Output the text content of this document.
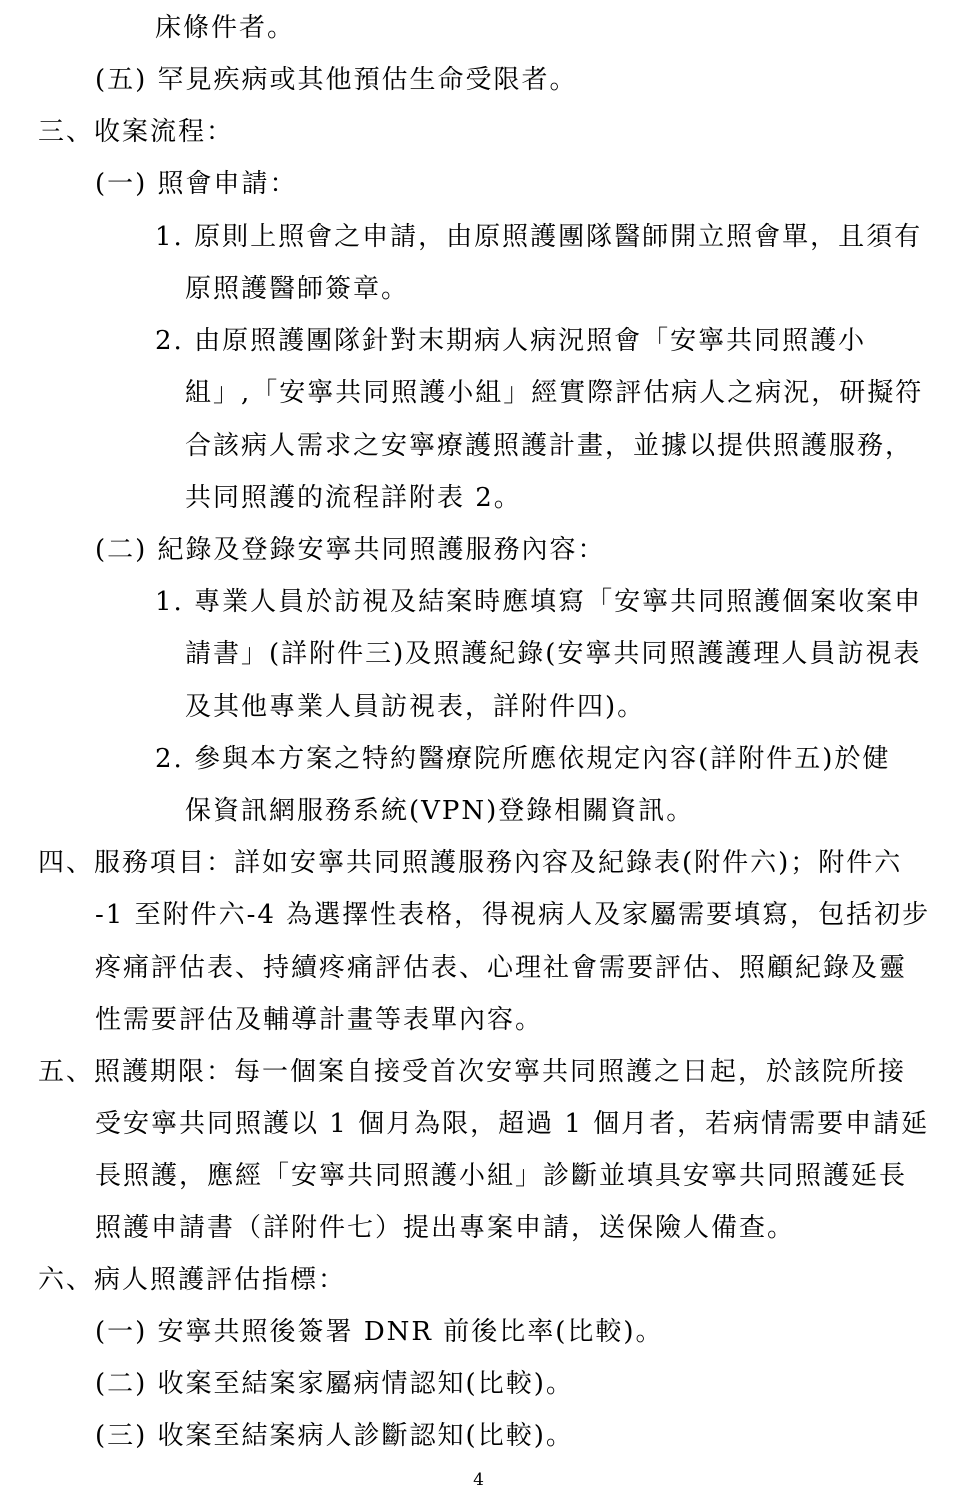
床條件者。
(五) 罕見疾病或其他預估生命受限者。
三、收案流程：
(一) 照會申請：
1. 原則上照會之申請，由原照護團隊醫師開立照會單，且須有
原照護醫師簽章。
2. 由原照護團隊針對末期病人病況照會「安寧共同照護小
組」,「安寧共同照護小組」經實際評估病人之病況，研擬符
合該病人需求之安寧療護照護計畫，並據以提供照護服務，
共同照護的流程詳附表 2。
(二) 紀錄及登錄安寧共同照護服務內容：
1. 專業人員於訪視及結案時應填寫「安寧共同照護個案收案申
請書」(詳附件三)及照護紀錄(安寧共同照護護理人員訪視表
及其他專業人員訪視表，詳附件四)。
2. 參與本方案之特約醫療院所應依規定內容(詳附件五)於健
保資訊網服務系統(VPN)登錄相關資訊。
四、服務項目：詳如安寧共同照護服務內容及紀錄表(附件六)；附件六
-1 至附件六-4 為選擇性表格，得視病人及家屬需要填寫，包括初步
疼痛評估表、持續疼痛評估表、心理社會需要評估、照顧紀錄及靈
性需要評估及輔導計畫等表單內容。
五、照護期限：每一個案自接受首次安寧共同照護之日起，於該院所接
受安寧共同照護以 1 個月為限，超過 1 個月者，若病情需要申請延
長照護，應經「安寧共同照護小組」診斷並填具安寧共同照護延長
照護申請書（詳附件七）提出專案申請，送保險人備查。
六、病人照護評估指標：
(一) 安寧共照後簽署 DNR 前後比率(比較)。
(二) 收案至結案家屬病情認知(比較)。
(三) 收案至結案病人診斷認知(比較)。
4
